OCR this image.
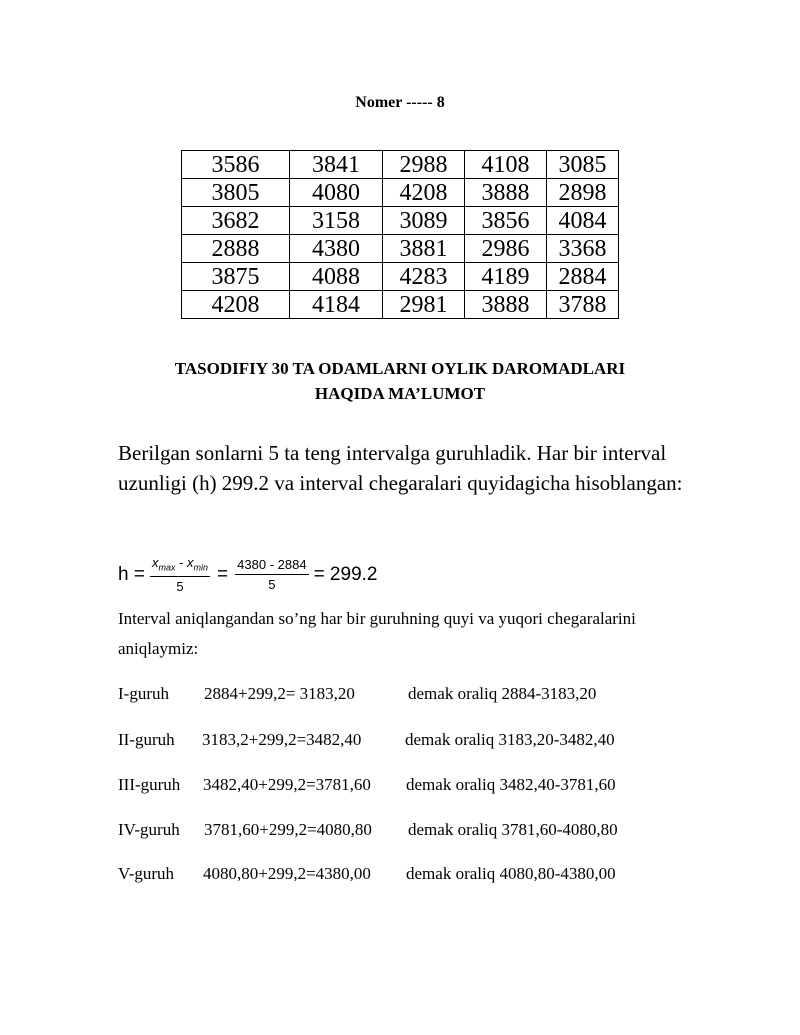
Nomer ----- 8
3586	3841	2988	4108	3085
3805	4080	4208	3888	2898
3682	3158	3089	3856	4084
2888	4380	3881	2986	3368
3875	4088	4283	4189	2884
4208	4184	2981	3888	3788
TASODIFIY 30 TA ODAMLARNI OYLIK DAROMADLARI
HAQIDA MA’LUMOT
Berilgan sonlarni 5 ta teng intervalga guruhladik. Har bir interval uzunligi (h) 299.2 va interval chegaralari quyidagicha hisoblangan:
$h = \frac{x_{max} - x_{min}}{5} = \frac{4380 - 2884}{5} = 299.2$
Interval aniqlangandan so’ng har bir guruhning quyi va yuqori chegaralarini aniqlaymiz:
I-guruh 2884+299,2= 3183,20	demak oraliq 2884-3183,20
II-guruh 3183,2+299,2=3482,40	demak oraliq 3183,20-3482,40
III-guruh 3482,40+299,2=3781,60 demak oraliq 3482,40-3781,60
IV-guruh 3781,60+299,2=4080,80 demak oraliq 3781,60-4080,80
V-guruh 4080,80+299,2=4380,00 demak oraliq 4080,80-4380,00
